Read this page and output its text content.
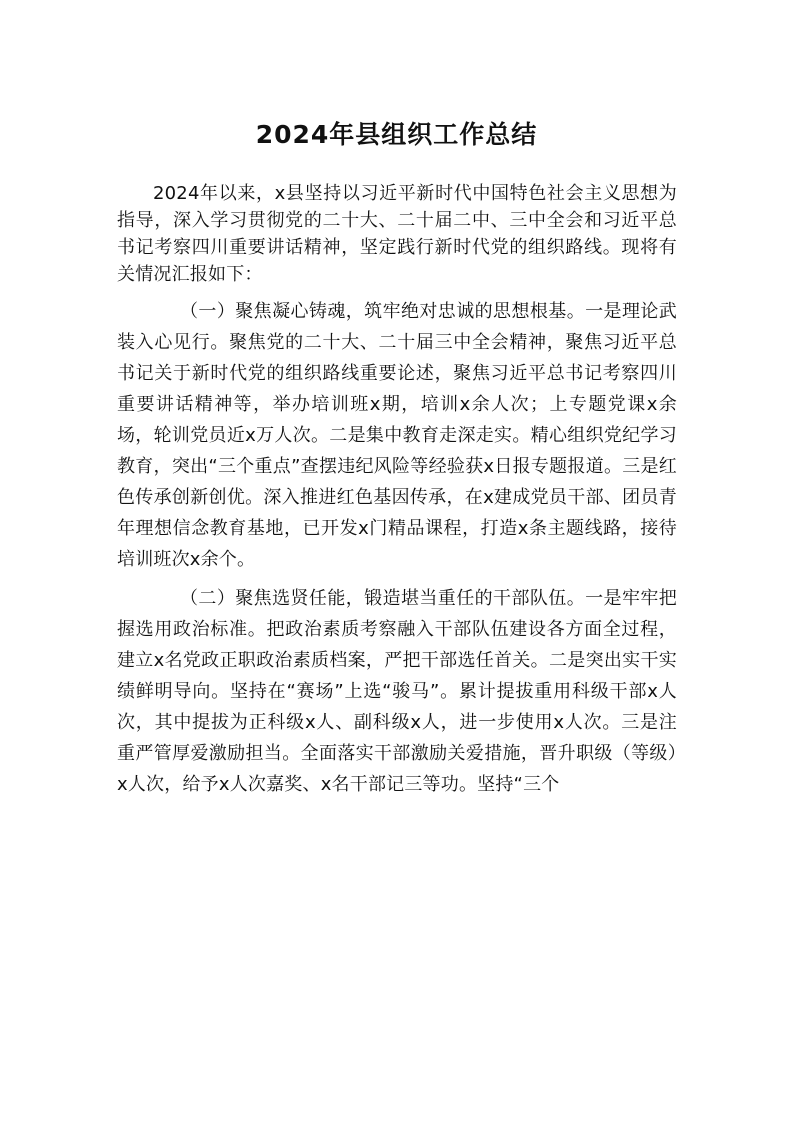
2024年县组织工作总结

2024年以来，x县坚持以习近平新时代中国特色社会主义思想为指导，深入学习贯彻党的二十大、二十届二中、三中全会和习近平总书记考察四川重要讲话精神，坚定践行新时代党的组织路线。现将有关情况汇报如下：

（一）聚焦凝心铸魂，筑牢绝对忠诚的思想根基。一是理论武装入心见行。聚焦党的二十大、二十届三中全会精神，聚焦习近平总书记关于新时代党的组织路线重要论述，聚焦习近平总书记考察四川重要讲话精神等，举办培训班x期，培训x余人次；上专题党课x余场，轮训党员近x万人次。二是集中教育走深走实。精心组织党纪学习教育，突出“三个重点”查摆违纪风险等经验获x日报专题报道。三是红色传承创新创优。深入推进红色基因传承，在x建成党员干部、团员青年理想信念教育基地，已开发x门精品课程，打造x条主题线路，接待培训班次x余个。

（二）聚焦选贤任能，锻造堪当重任的干部队伍。一是牢牢把握选用政治标准。把政治素质考察融入干部队伍建设各方面全过程，建立x名党政正职政治素质档案，严把干部选任首关。二是突出实干实绩鲜明导向。坚持在“赛场”上选“骏马”。累计提拔重用科级干部x人次，其中提拔为正科级x人、副科级x人，进一步使用x人次。三是注重严管厚爱激励担当。全面落实干部激励关爱措施，晋升职级（等级）x人次，给予x人次嘉奖、x名干部记三等功。坚持“三个
